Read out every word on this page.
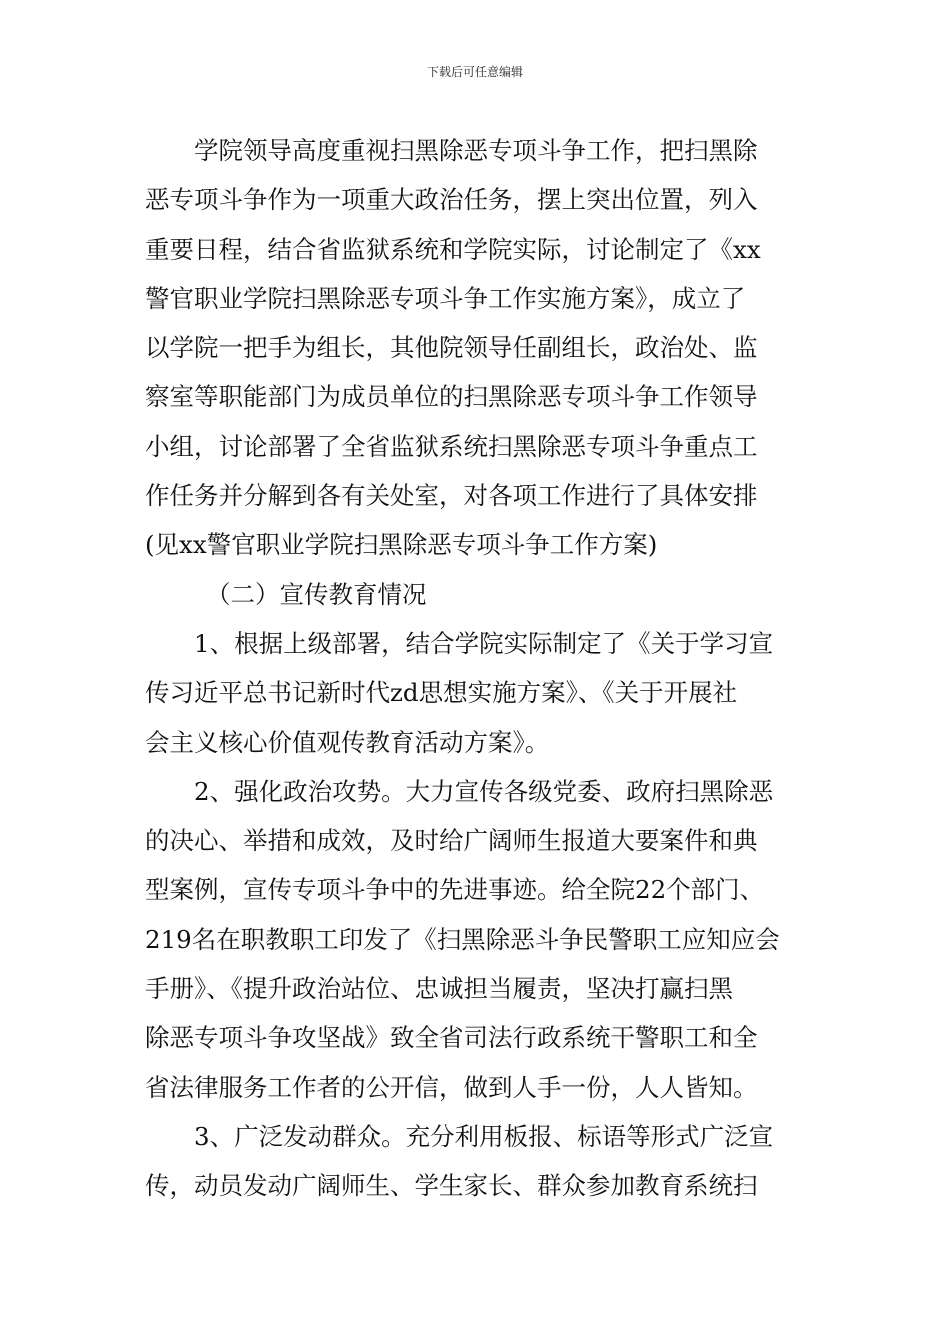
下载后可任意编辑
学院领导高度重视扫黑除恶专项斗争工作，把扫黑除
恶专项斗争作为一项重大政治任务，摆上突出位置，列入
重要日程，结合省监狱系统和学院实际，讨论制定了《xx
警官职业学院扫黑除恶专项斗争工作实施方案》，成立了
以学院一把手为组长，其他院领导任副组长，政治处、监
察室等职能部门为成员单位的扫黑除恶专项斗争工作领导
小组，讨论部署了全省监狱系统扫黑除恶专项斗争重点工
作任务并分解到各有关处室，对各项工作进行了具体安排
(见xx警官职业学院扫黑除恶专项斗争工作方案)
（二）宣传教育情况
1、根据上级部署，结合学院实际制定了《关于学习宣
传习近平总书记新时代zd思想实施方案》、《关于开展社
会主义核心价值观传教育活动方案》。
2、强化政治攻势。大力宣传各级党委、政府扫黑除恶
的决心、举措和成效，及时给广阔师生报道大要案件和典
型案例，宣传专项斗争中的先进事迹。给全院22个部门、
219名在职教职工印发了《扫黑除恶斗争民警职工应知应会
手册》、《提升政治站位、忠诚担当履责，坚决打赢扫黑
除恶专项斗争攻坚战》致全省司法行政系统干警职工和全
省法律服务工作者的公开信，做到人手一份，人人皆知。
3、广泛发动群众。充分利用板报、标语等形式广泛宣
传，动员发动广阔师生、学生家长、群众参加教育系统扫
